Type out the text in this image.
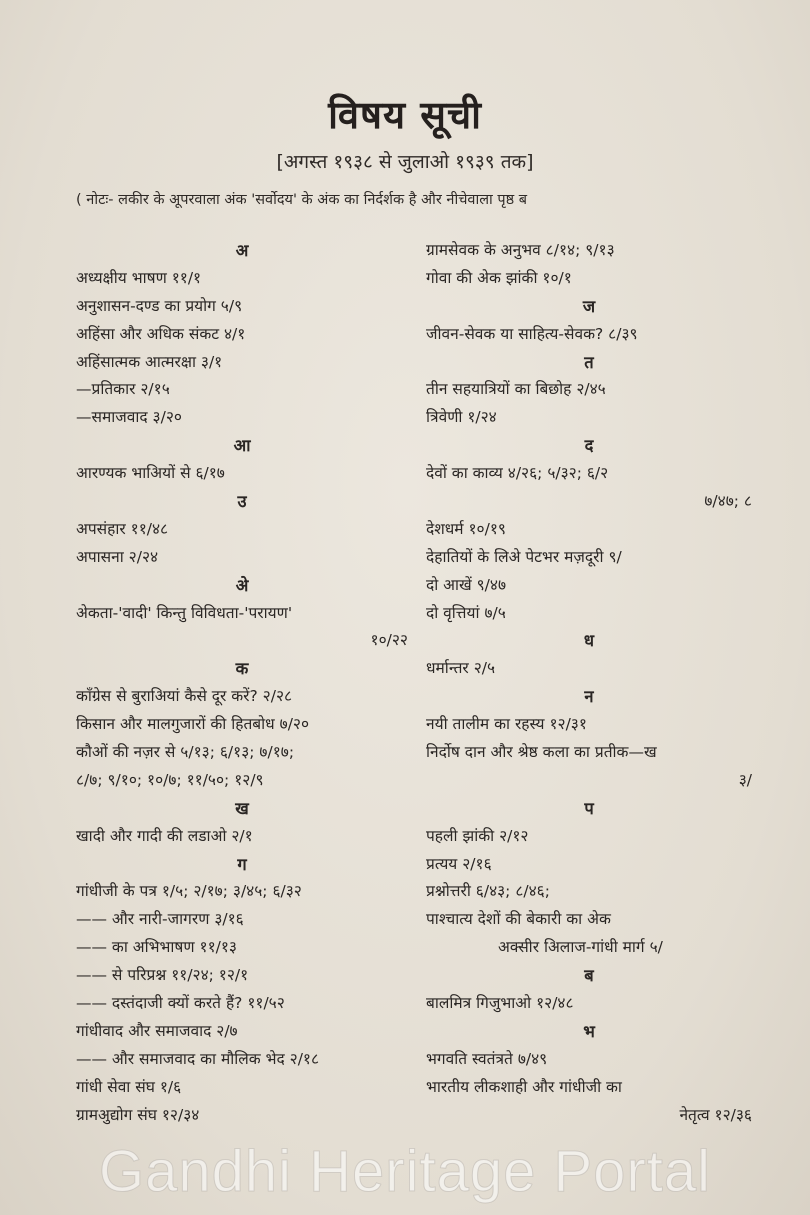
विषय सूची
[अगस्त १९३८ से जुलाओ १९३९ तक]
( नोटः- लकीर के अूपरवाला अंक 'सर्वोदय' के अंक का निर्दर्शक है और नीचेवाला पृष्ठ ब
अ
अध्यक्षीय भाषण ११/१
अनुशासन-दण्ड का प्रयोग ५/९
अहिंसा और अधिक संकट ४/१
अहिंसात्मक आत्मरक्षा ३/१
—प्रतिकार २/१५
—समाजवाद ३/२०
आ
आरण्यक भाअियों से ६/१७
उ
अपसंहार ११/४८
अपासना २/२४
अे
अेकता-'वादी' किन्तु विविधता-'परायण'
१०/२२
क
कॉंग्रेस से बुराअियां कैसे दूर करें? २/२८
किसान और मालगुजारों की हितबोध ७/२०
कौओं की नज़र से ५/१३; ६/१३; ७/१७;
८/७; ९/१०; १०/७; ११/५०; १२/९
ख
खादी और गादी की लडाओ २/१
ग
गांधीजी के पत्र १/५; २/१७; ३/४५; ६/३२
—— और नारी-जागरण ३/१६
—— का अभिभाषण ११/१३
—— से परिप्रश्न ११/२४; १२/१
—— दस्तंदाजी क्यों करते हैं? ११/५२
गांधीवाद और समाजवाद २/७
—— और समाजवाद का मौलिक भेद २/१८
गांधी सेवा संघ १/६
ग्रामअुद्योग संघ १२/३४
ग्रामसेवक के अनुभव ८/१४; ९/१३
गोवा की अेक झांकी १०/१
ज
जीवन-सेवक या साहित्य-सेवक? ८/३९
त
तीन सहयात्रियों का बिछोह २/४५
त्रिवेणी १/२४
द
देवों का काव्य ४/२६; ५/३२; ६/२
७/४७; ८
देशधर्म १०/१९
देहातियों के लिअे पेटभर मज़दूरी ९/
दो आखें ९/४७
दो वृत्तियां ७/५
ध
धर्मान्तर २/५
न
नयी तालीम का रहस्य १२/३१
निर्दोष दान और श्रेष्ठ कला का प्रतीक—ख
३/
प
पहली झांकी २/१२
प्रत्यय २/१६
प्रश्नोत्तरी ६/४३; ८/४६;
पाश्चात्य देशों की बेकारी का अेक
अक्सीर अिलाज-गांधी मार्ग ५/
ब
बालमित्र गिजुभाओ १२/४८
भ
भगवति स्वतंत्रते ७/४९
भारतीय लीकशाही और गांधीजी का
नेतृत्व १२/३६
Gandhi Heritage Portal
